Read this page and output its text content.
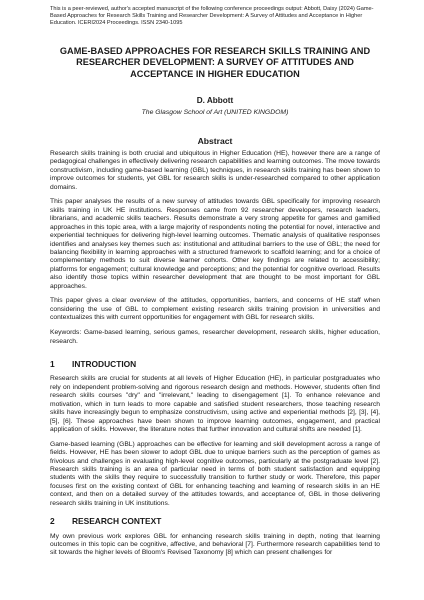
This is a peer-reviewed, author's accepted manuscript of the following conference proceedings output: Abbott, Daisy (2024) Game-Based Approaches for Research Skills Training and Researcher Development: A Survey of Attitudes and Acceptance in Higher Education. ICERI2024 Proceedings. ISSN 2340-1095
GAME-BASED APPROACHES FOR RESEARCH SKILLS TRAINING AND RESEARCHER DEVELOPMENT: A SURVEY OF ATTITUDES AND ACCEPTANCE IN HIGHER EDUCATION
D. Abbott
The Glasgow School of Art (UNITED KINGDOM)
Abstract

Research skills training is both crucial and ubiquitous in Higher Education (HE), however there are a range of pedagogical challenges in effectively delivering research capabilities and learning outcomes. The move towards constructivism, including game-based learning (GBL) techniques, in research skills training has been shown to improve outcomes for students, yet GBL for research skills is under-researched compared to other application domains.

This paper analyses the results of a new survey of attitudes towards GBL specifically for improving research skills training in UK HE institutions. Responses came from 92 researcher developers, research leaders, librarians, and academic skills teachers. Results demonstrate a very strong appetite for games and gamified approaches in this topic area, with a large majority of respondents noting the potential for novel, interactive and experiential techniques for delivering high-level learning outcomes. Thematic analysis of qualitative responses identifies and analyses key themes such as: institutional and attitudinal barriers to the use of GBL; the need for balancing flexibility in learning approaches with a structured framework to scaffold learning; and for a choice of complementary methods to suit diverse learner cohorts. Other key findings are related to accessibility; platforms for engagement; cultural knowledge and perceptions; and the potential for cognitive overload. Results also identify those topics within researcher development that are thought to be most important for GBL approaches.

This paper gives a clear overview of the attitudes, opportunities, barriers, and concerns of HE staff when considering the use of GBL to complement existing research skills training provision in universities and contextualizes this with current opportunities for engagement with GBL for research skills.

Keywords: Game-based learning, serious games, researcher development, research skills, higher education, research.

1 INTRODUCTION

Research skills are crucial for students at all levels of Higher Education (HE), in particular postgraduates who rely on independent problem-solving and rigorous research design and methods. However, students often find research skills courses "dry" and "irrelevant," leading to disengagement [1]. To enhance relevance and motivation, which in turn leads to more capable and satisfied student researchers, those teaching research skills have increasingly begun to emphasize constructivism, using active and experiential methods [2], [3], [4], [5], [6]. These approaches have been shown to improve learning outcomes, engagement, and practical application of skills. However, the literature notes that further innovation and cultural shifts are needed [1].

Game-based learning (GBL) approaches can be effective for learning and skill development across a range of fields. However, HE has been slower to adopt GBL due to unique barriers such as the perception of games as frivolous and challenges in evaluating high-level cognitive outcomes, particularly at the postgraduate level [2]. Research skills training is an area of particular need in terms of both student satisfaction and equipping students with the skills they require to successfully transition to further study or work. Therefore, this paper focuses first on the existing context of GBL for enhancing teaching and learning of research skills in an HE context, and then on a detailed survey of the attitudes towards, and acceptance of, GBL in those delivering research skills training in UK institutions.

2 RESEARCH CONTEXT

My own previous work explores GBL for enhancing research skills training in depth, noting that learning outcomes in this topic can be cognitive, affective, and behavioral [7]. Furthermore research capabilities tend to sit towards the higher levels of Bloom's Revised Taxonomy [8] which can present challenges for
